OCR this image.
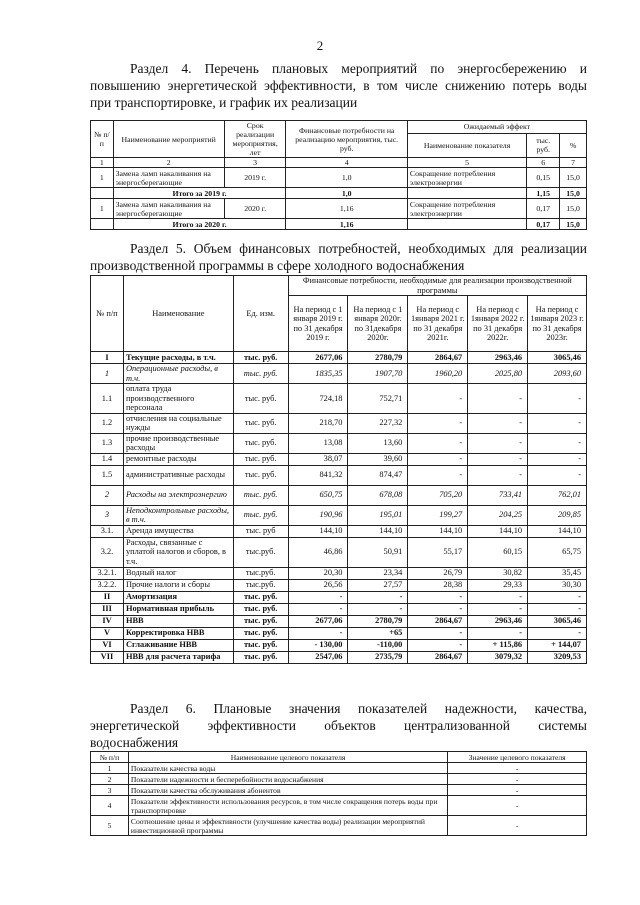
2

Раздел 4. Перечень плановых мероприятий по энергосбережению и

повышению энергетической эффективности, в том числе снижению потерь воды

при транспортировке, и график их реализации

№ п/п	Наименование мероприятий	Срок реализации мероприятия, лет	Финансовые потребности на реализацию мероприятия, тыс. руб.	Ожидаемый эффект		
				Наименование показателя	тыс. руб.	%
1	2	3	4	5	6	7
1	Замена ламп накаливания на энергосберегающие	2019 г.	1,0	Сокращение потребления электроэнергии	0,15	15,0
	Итого за 2019 г.		1,0		1,15	15,0
1	Замена ламп накаливания на энергосберегающие	2020 г.	1,16	Сокращение потребления электроэнергии	0,17	15,0
	Итого за 2020 г.		1,16		0,17	15,0

Раздел 5. Объем финансовых потребностей, необходимых для реализации

производственной программы в сфере холодного водоснабжения

№ п/п	Наименование	Ед. изм.	Финансовые потребности, необходимые для реализации производственной программы				
			На период с 1 января 2019 г. по 31 декабря 2019 г.	На период с 1 января 2020г. по 31декабря 2020г.	На период с 1января 2021 г. по 31 декабря 2021г.	На период с 1января 2022 г. по 31 декабря 2022г.	На период с 1января 2023 г. по 31 декабря 2023г.
I	Текущие расходы, в т.ч.	тыс. руб.	2677,06	2780,79	2864,67	2963,46	3065,46
1	Операционные расходы, в т.ч.	тыс. руб.	1835,35	1907,70	1960,20	2025,80	2093,60
1.1	оплата труда производственного персонала	тыс. руб.	724,18	752,71	-	-	-
1.2	отчисления на социальные нужды	тыс. руб.	218,70	227,32	-	-	-
1.3	прочие производственные расходы	тыс. руб.	13,08	13,60	-	-	-
1.4	ремонтные расходы	тыс. руб.	38,07	39,60	-	-	-
1.5	административные расходы	тыс. руб.	841,32	874,47	-	-	-
2	Расходы на электроэнергию	тыс. руб.	650,75	678,08	705,20	733,41	762,01
3	Неподконтрольные расходы, в т.ч.	тыс. руб.	190,96	195,01	199,27	204,25	209,85
3.1.	Аренда имущества	тыс. руб	144,10	144,10	144,10	144,10	144,10
3.2.	Расходы, связанные с уплатой налогов и сборов, в т.ч.	тыс.руб.	46,86	50,91	55,17	60,15	65,75
3.2.1.	Водный налог	тыс.руб.	20,30	23,34	26,79	30,82	35,45
3.2.2.	Прочие налоги и сборы	тыс.руб.	26,56	27,57	28,38	29,33	30,30
II	Амортизация	тыс. руб.	-	-	-	-	-
III	Нормативная прибыль	тыс. руб.	-	-	-	-	-
IV	НВВ	тыс. руб.	2677,06	2780,79	2864,67	2963,46	3065,46
V	Корректировка НВВ	тыс. руб.	-	+65	-	-	-
VI	Сглаживание НВВ	тыс. руб.	- 130,00	-110,00	-	+ 115,86	+ 144,07
VII	НВВ для расчета тарифа	тыс. руб.	2547,06	2735,79	2864,67	3079,32	3209,53

Раздел 6. Плановые значения показателей надежности, качества,

энергетической эффективности объектов централизованной системы

водоснабжения

№ п/п	Наименование целевого показателя	Значение целевого показателя
1	Показатели качества воды	-
2	Показатели надежности и бесперебойности водоснабжения	-
3	Показатели качества обслуживания абонентов	-
4	Показатели эффективности использования ресурсов, в том числе сокращения потерь воды при транспортировке	-
5	Соотношение цены и эффективности (улучшение качества воды) реализации мероприятий инвестиционной программы	-
